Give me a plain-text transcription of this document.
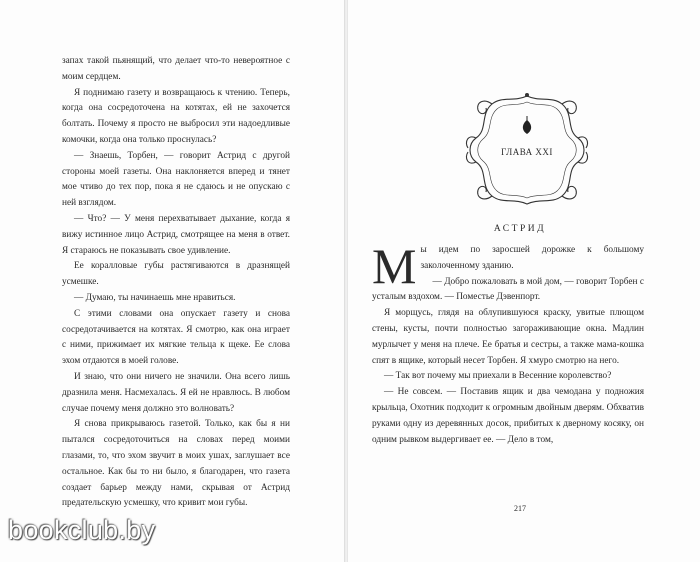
запах такой пьянящий, что делает что-то невероятное с моим сердцем.

Я поднимаю газету и возвращаюсь к чтению. Теперь, когда она сосредоточена на котятах, ей не захочется болтать. Почему я просто не выбросил эти надоедливые комочки, когда она только проснулась?

— Знаешь, Торбен, — говорит Астрид с другой стороны моей газеты. Она наклоняется вперед и тянет мое чтиво до тех пор, пока я не сдаюсь и не опускаю с ней взглядом.

— Что? — У меня перехватывает дыхание, когда я вижу истинное лицо Астрид, смотрящее на меня в ответ. Я стараюсь не показывать свое удивление.

Ее коралловые губы растягиваются в дразнящей усмешке.

— Думаю, ты начинаешь мне нравиться.

С этими словами она опускает газету и снова сосредотачивается на котятах. Я смотрю, как она играет с ними, прижимает их мягкие тельца к щеке. Ее слова эхом отдаются в моей голове.

И знаю, что они ничего не значили. Она всего лишь дразнила меня. Насмехалась. Я ей не нравлюсь. В любом случае почему меня должно это волновать?

Я снова прикрываюсь газетой. Только, как бы я ни пытался сосредоточиться на словах перед моими глазами, то, что эхом звучит в моих ушах, заглушает все остальное. Как бы то ни было, я благодарен, что газета создает барьер между нами, скрывая от Астрид предательскую усмешку, что кривит мои губы.

ГЛАВА XXI
АСТРИД

Мы идем по заросшей дорожке к большому заколоченному зданию.

— Добро пожаловать в мой дом, — говорит Торбен с усталым вздохом. — Поместье Дэвенпорт.

Я морщусь, глядя на облупившуюся краску, увитые плющом стены, кусты, почти полностью загораживающие окна. Мадлин мурлычет у меня на плече. Ее братья и сестры, а также мама-кошка спят в ящике, который несет Торбен. Я хмуро смотрю на него.

— Так вот почему мы приехали в Весенние королевство?

— Не совсем. — Поставив ящик и два чемодана у подножия крыльца, Охотник подходит к огромным двойным дверям. Обхватив руками одну из деревянных досок, прибитых к дверному косяку, он одним рывком выдергивает ее. — Дело в том,

217
bookclub.by
